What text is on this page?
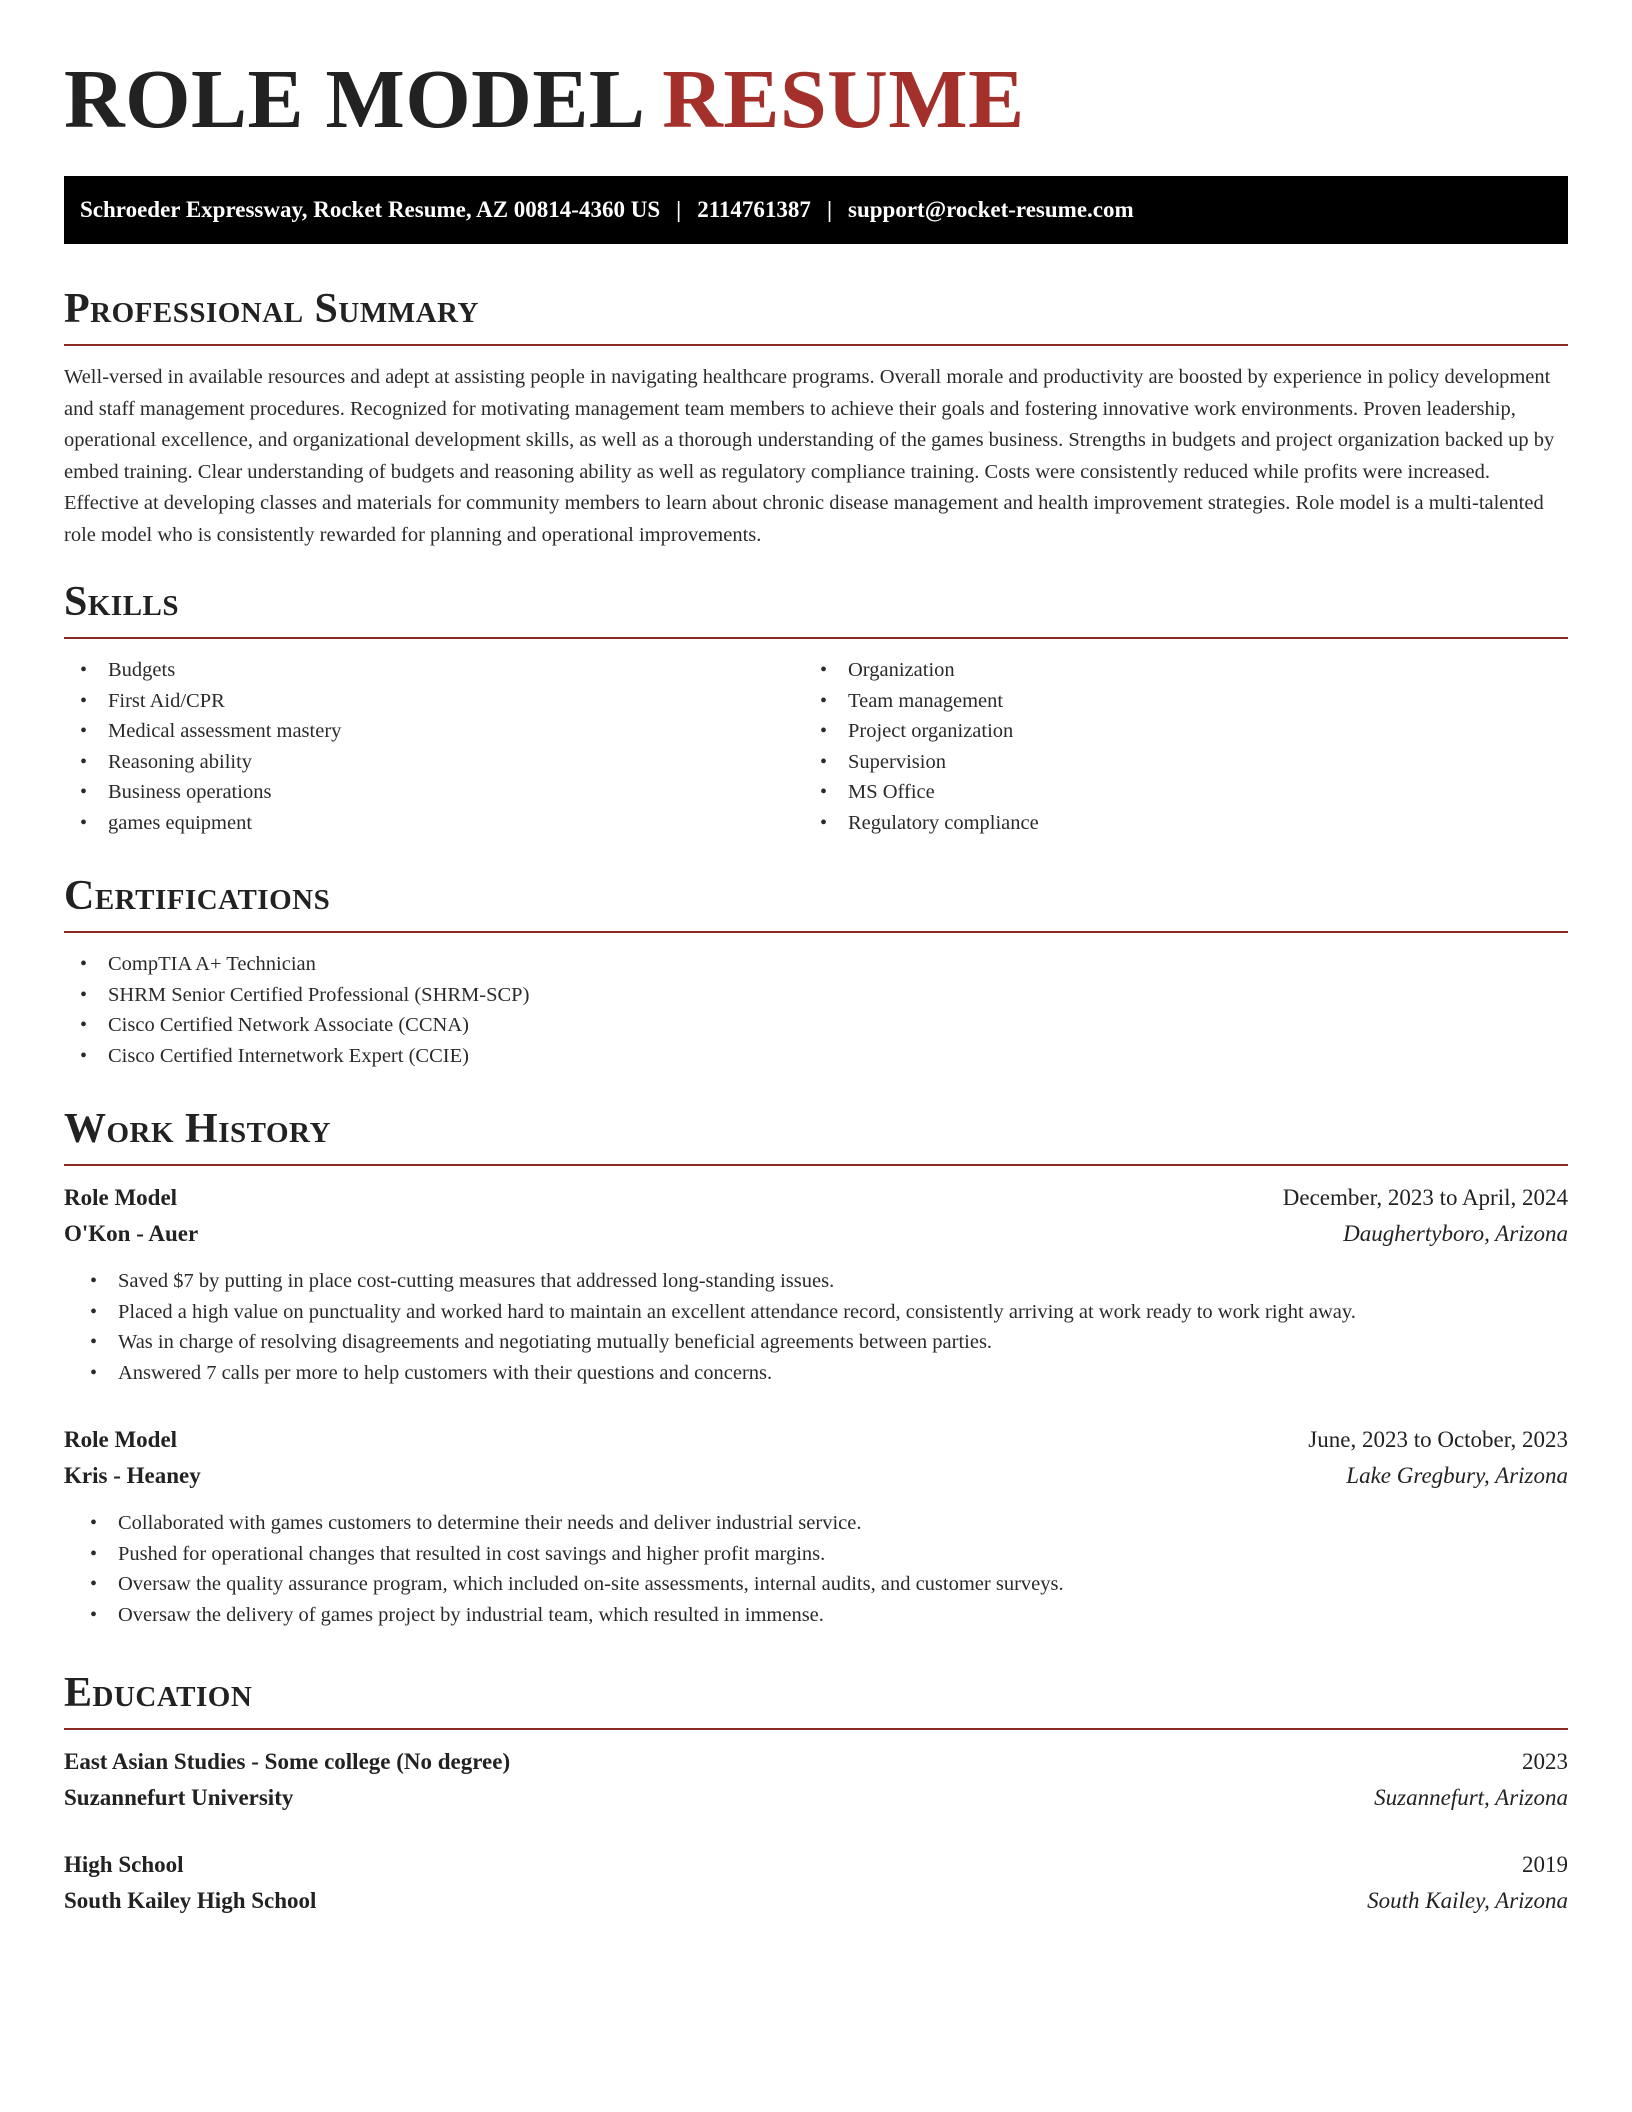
ROLE MODEL RESUME
Schroeder Expressway, Rocket Resume, AZ 00814-4360 US | 2114761387 | support@rocket-resume.com
Professional Summary

Well-versed in available resources and adept at assisting people in navigating healthcare programs. Overall morale and productivity are boosted by experience in policy development and staff management procedures. Recognized for motivating management team members to achieve their goals and fostering innovative work environments. Proven leadership, operational excellence, and organizational development skills, as well as a thorough understanding of the games business. Strengths in budgets and project organization backed up by embed training. Clear understanding of budgets and reasoning ability as well as regulatory compliance training. Costs were consistently reduced while profits were increased. Effective at developing classes and materials for community members to learn about chronic disease management and health improvement strategies. Role model is a multi-talented role model who is consistently rewarded for planning and operational improvements.

Skills
• Budgets
• First Aid/CPR
• Medical assessment mastery
• Reasoning ability
• Business operations
• games equipment
• Organization
• Team management
• Project organization
• Supervision
• MS Office
• Regulatory compliance
Certifications
• CompTIA A+ Technician
• SHRM Senior Certified Professional (SHRM-SCP)
• Cisco Certified Network Associate (CCNA)
• Cisco Certified Internetwork Expert (CCIE)
Work History
Role Model	December, 2023 to April, 2024
O'Kon - Auer	Daughertyboro, Arizona
• Saved $7 by putting in place cost-cutting measures that addressed long-standing issues.
• Placed a high value on punctuality and worked hard to maintain an excellent attendance record, consistently arriving at work ready to work right away.
• Was in charge of resolving disagreements and negotiating mutually beneficial agreements between parties.
• Answered 7 calls per more to help customers with their questions and concerns.
Role Model	June, 2023 to October, 2023
Kris - Heaney	Lake Gregbury, Arizona
• Collaborated with games customers to determine their needs and deliver industrial service.
• Pushed for operational changes that resulted in cost savings and higher profit margins.
• Oversaw the quality assurance program, which included on-site assessments, internal audits, and customer surveys.
• Oversaw the delivery of games project by industrial team, which resulted in immense.
Education
East Asian Studies - Some college (No degree)	2023
Suzannefurt University	Suzannefurt, Arizona
High School	2019
South Kailey High School	South Kailey, Arizona
